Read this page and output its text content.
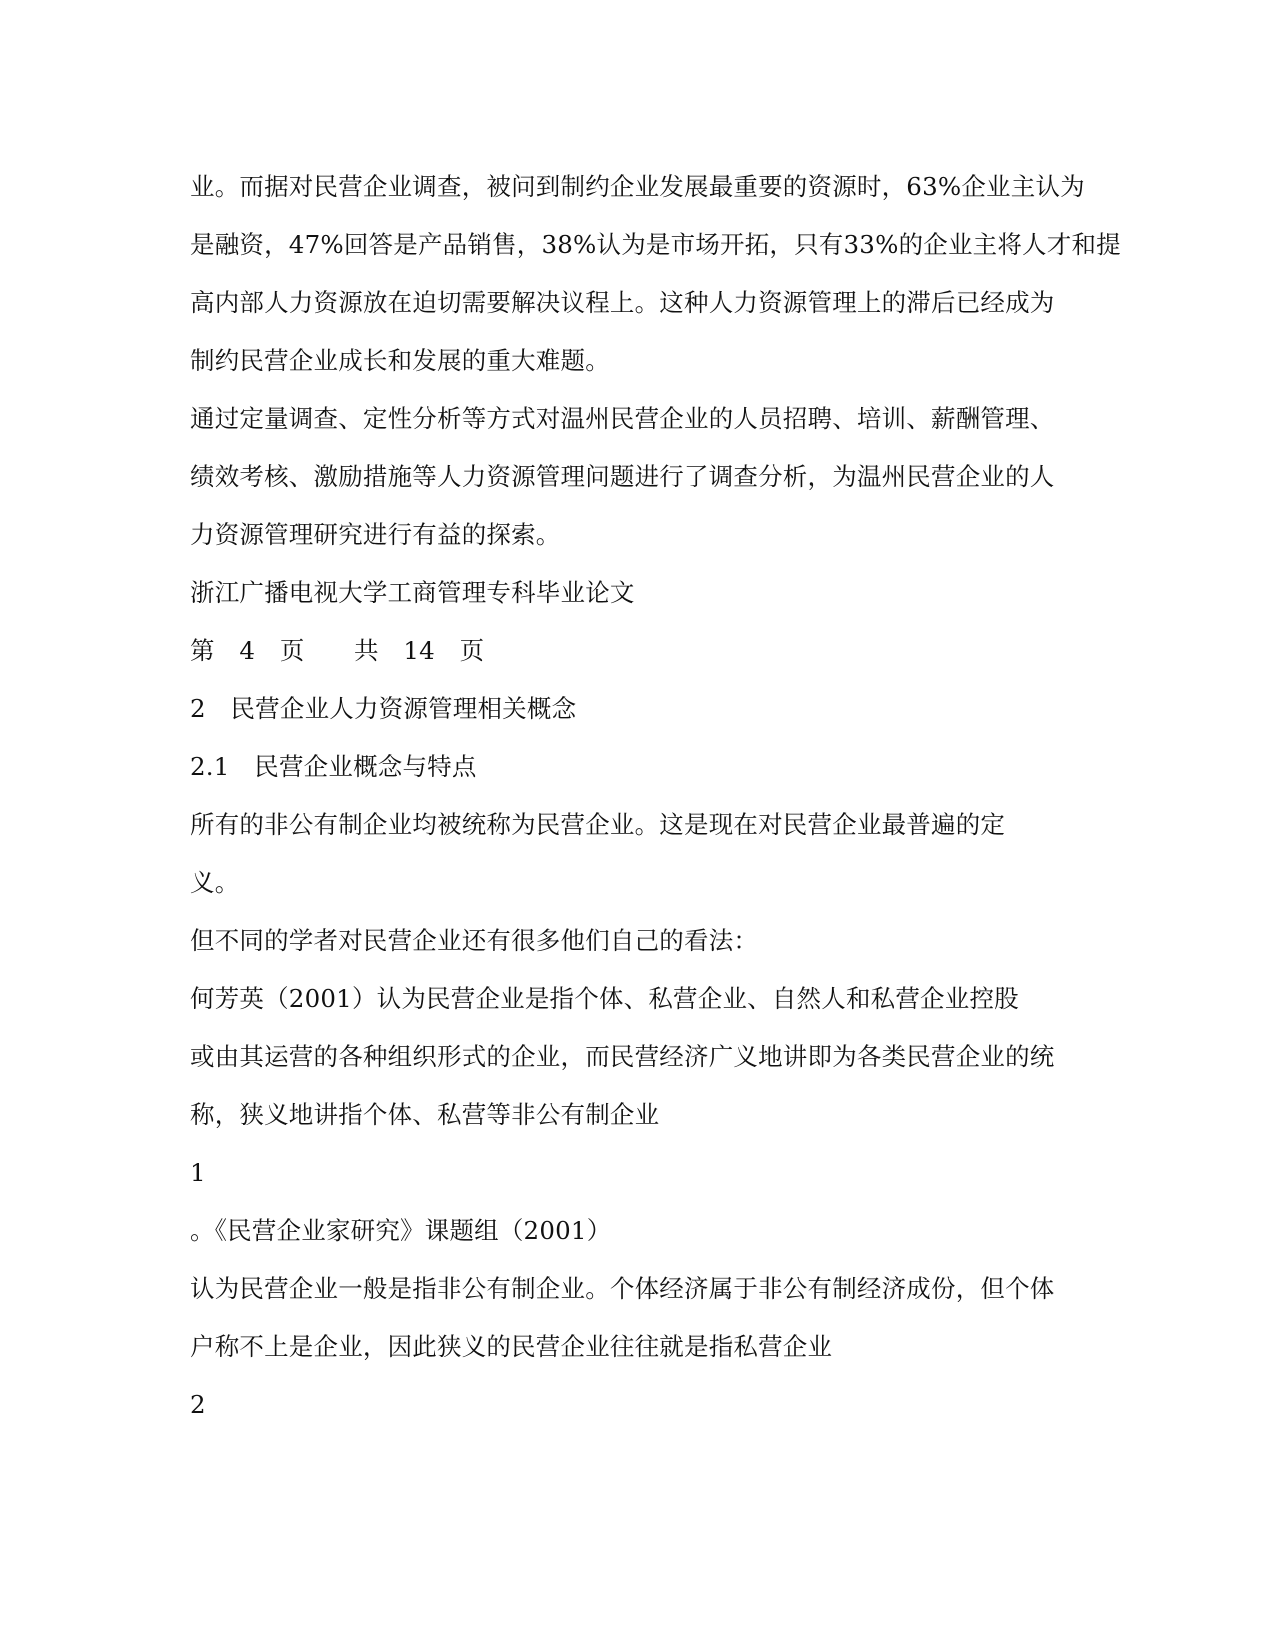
业。而据对民营企业调查，被问到制约企业发展最重要的资源时，63%企业主认为
是融资，47%回答是产品销售，38%认为是市场开拓，只有33%的企业主将人才和提
高内部人力资源放在迫切需要解决议程上。这种人力资源管理上的滞后已经成为
制约民营企业成长和发展的重大难题。
通过定量调查、定性分析等方式对温州民营企业的人员招聘、培训、薪酬管理、
绩效考核、激励措施等人力资源管理问题进行了调查分析，为温州民营企业的人
力资源管理研究进行有益的探索。
浙江广播电视大学工商管理专科毕业论文
第　4　页　　共　14　页
2　民营企业人力资源管理相关概念
2.1　民营企业概念与特点
所有的非公有制企业均被统称为民营企业。这是现在对民营企业最普遍的定
义。
但不同的学者对民营企业还有很多他们自己的看法：
何芳英（2001）认为民营企业是指个体、私营企业、自然人和私营企业控股
或由其运营的各种组织形式的企业，而民营经济广义地讲即为各类民营企业的统
称，狭义地讲指个体、私营等非公有制企业
1
。《民营企业家研究》课题组（2001）
认为民营企业一般是指非公有制企业。个体经济属于非公有制经济成份，但个体
户称不上是企业，因此狭义的民营企业往往就是指私营企业
2
